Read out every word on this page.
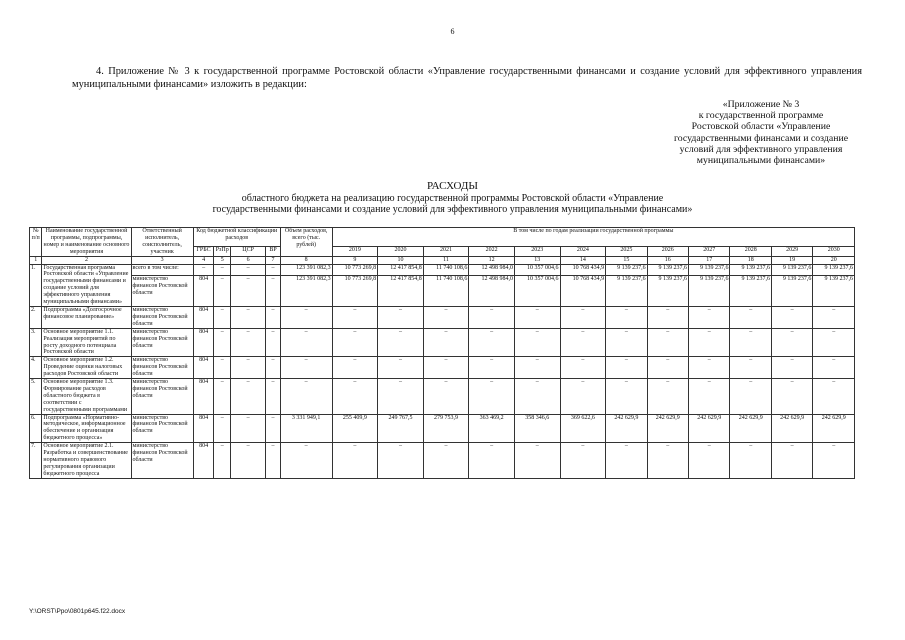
6
4. Приложение № 3 к государственной программе Ростовской области «Управление государственными финансами и создание условий для эффективного управления муниципальными финансами» изложить в редакции:
«Приложение № 3
к государственной программе
Ростовской области «Управление
государственными финансами и создание
условий для эффективного управления
муниципальными финансами»
РАСХОДЫ
областного бюджета на реализацию государственной программы Ростовской области «Управление
государственными финансами и создание условий для эффективного управления муниципальными финансами»
№ п/п	Наименование государственной программы, подпрограммы, номер и наименование основного мероприятия	Ответственный исполнитель, соисполнитель, участник	Код бюджетной классификации расходов				Объем расходов, всего (тыс. рублей)	В том числе по годам реализации государственной программы											
			ГРБС	РзПр	ЦСР	ВР		2019	2020	2021	2022	2023	2024	2025	2026	2027	2028	2029	2030
1	2	3	4	5	6	7	8	9	10	11	12	13	14	15	16	17	18	19	20
1.	Государственная программа Ростовской области «Управление государственными финансами и создание условий для эффективного управления муниципальными финансами»	всего в том числе:	–	–	–	–	123 391 082,3	10 773 269,8	12 417 854,8	11 740 108,6	12 498 984,0	10 357 004,6	10 768 434,9	9 139 237,6	9 139 237,6	9 139 237,6	9 139 237,6	9 139 237,6	9 139 237,6
		министерство финансов Ростовской области	804	–	–	–	123 391 082,3	10 773 269,8	12 417 854,8	11 740 108,6	12 498 984,0	10 357 004,6	10 768 434,9	9 139 237,6	9 139 237,6	9 139 237,6	9 139 237,6	9 139 237,6	9 139 237,6
2.	Подпрограмма «Долгосрочное финансовое планирование»	министерство финансов Ростовской области	804	–	–	–	–	–	–	–	–	–	–	–	–	–	–	–	–
3.	Основное мероприятие 1.1. Реализация мероприятий по росту доходного потенциала Ростовской области	министерство финансов Ростовской области	804	–	–	–	–	–	–	–	–	–	–	–	–	–	–	–	–
4.	Основное мероприятие 1.2. Проведение оценки налоговых расходов Ростовской области	министерство финансов Ростовской области	804	–	–	–	–	–	–	–	–	–	–	–	–	–	–	–	–
5.	Основное мероприятие 1.3. Формирование расходов областного бюджета в соответствии с государственными программами	министерство финансов Ростовской области	804	–	–	–	–	–	–	–	–	–	–	–	–	–	–	–	–
6.	Подпрограмма «Нормативно-методическое, информационное обеспечение и организация бюджетного процесса»	министерство финансов Ростовской области	804	–	–	–	3 331 949,1	255 409,9	249 767,5	279 753,9	363 469,2	358 346,6	369 622,6	242 629,9	242 629,9	242 629,9	242 629,9	242 629,9	242 629,9
7.	Основное мероприятие 2.1. Разработка и совершенствование нормативного правового регулирования организации бюджетного процесса	министерство финансов Ростовской области	804	–	–	–	–	–	–	–	–	–	–	–	–	–	–	–	–
Y:\ORST\Ppo\0801p645.f22.docx
